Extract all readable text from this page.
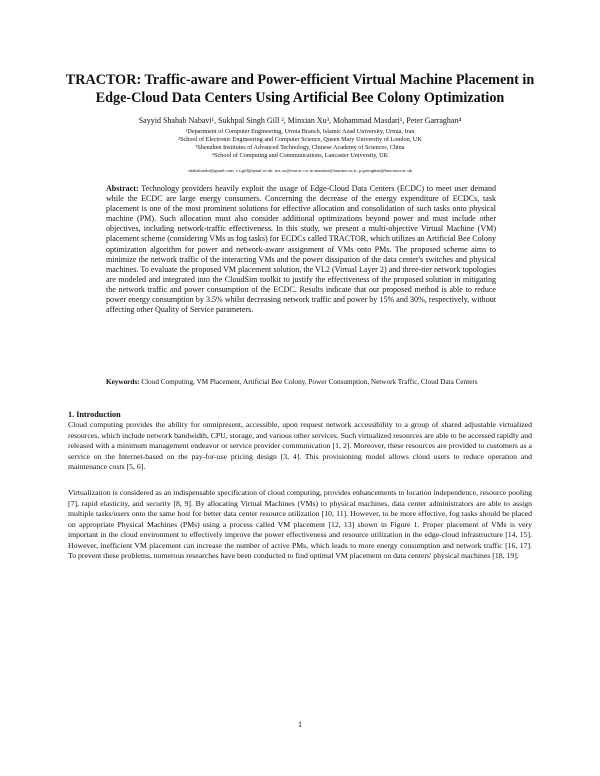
TRACTOR: Traffic-aware and Power-efficient Virtual Machine Placement in Edge-Cloud Data Centers Using Artificial Bee Colony Optimization
Sayyid Shahab Nabavi¹, Sukhpal Singh Gill ², Minxian Xu³, Mohammad Masdari¹, Peter Garraghan⁴
¹Department of Computer Engineering, Urmia Branch, Islamic Azad University, Urmia, Iran
²School of Electronic Engineering and Computer Science, Queen Mary University of London, UK
³Shenzhen Institutes of Advanced Technology, Chinese Academy of Sciences, China
⁴School of Computing and Communications, Lancaster University, UK
shahab.nabi@gmail.com, s.s.gill@qmul.ac.uk, mx.xu@siat.ac.cn, m.masdari@iaurmia.ac.ir, p.garraghan@lancaster.ac.uk

Abstract: Technology providers heavily exploit the usage of Edge-Cloud Data Centers (ECDC) to meet user demand while the ECDC are large energy consumers. Concerning the decrease of the energy expenditure of ECDCs, task placement is one of the most prominent solutions for effective allocation and consolidation of such tasks onto physical machine (PM). Such allocation must also consider additional optimizations beyond power and must include other objectives, including network-traffic effectiveness. In this study, we present a multi-objective Virtual Machine (VM) placement scheme (considering VMs as fog tasks) for ECDCs called TRACTOR, which utilizes an Artificial Bee Colony optimization algorithm for power and network-aware assignment of VMs onto PMs. The proposed scheme aims to minimize the network traffic of the interacting VMs and the power dissipation of the data center's switches and physical machines. To evaluate the proposed VM placement solution, the VL2 (Virtual Layer 2) and three-tier network topologies are modeled and integrated into the CloudSim toolkit to justify the effectiveness of the proposed solution in mitigating the network traffic and power consumption of the ECDC. Results indicate that our proposed method is able to reduce power energy consumption by 3.5% whilst decreasing network traffic and power by 15% and 30%, respectively, without affecting other Quality of Service parameters.

Keywords: Cloud Computing, VM Placement, Artificial Bee Colony, Power Consumption, Network Traffic, Cloud Data Centers

1. Introduction

Cloud computing provides the ability for omnipresent, accessible, upon request network accessibility to a group of shared adjustable virtualized resources, which include network bandwidth, CPU, storage, and various other services. Such virtualized resources are able to be accessed rapidly and released with a minimum management endeavor or service provider communication [1, 2]. Moreover, these resources are provided to customers as a service on the Internet-based on the pay-for-use pricing design [3, 4]. This provisioning model allows cloud users to reduce operation and maintenance costs [5, 6].

Virtualization is considered as an indispensable specification of cloud computing, provides enhancements to location independence, resource pooling [7], rapid elasticity, and security [8, 9]. By allocating Virtual Machines (VMs) to physical machines, data center administrators are able to assign multiple tasks/users onto the same host for better data center resource utilization [10, 11]. However, to be more effective, fog tasks should be placed on appropriate Physical Machines (PMs) using a process called VM placement [12, 13] shown in Figure 1. Proper placement of VMs is very important in the cloud environment to effectively improve the power effectiveness and resource utilization in the edge-cloud infrastructure [14, 15]. However, inefficient VM placement can increase the number of active PMs, which leads to more energy consumption and network traffic [16, 17]. To prevent these problems, numerous researches have been conducted to find optimal VM placement on data centers' physical machines [18, 19].

1
